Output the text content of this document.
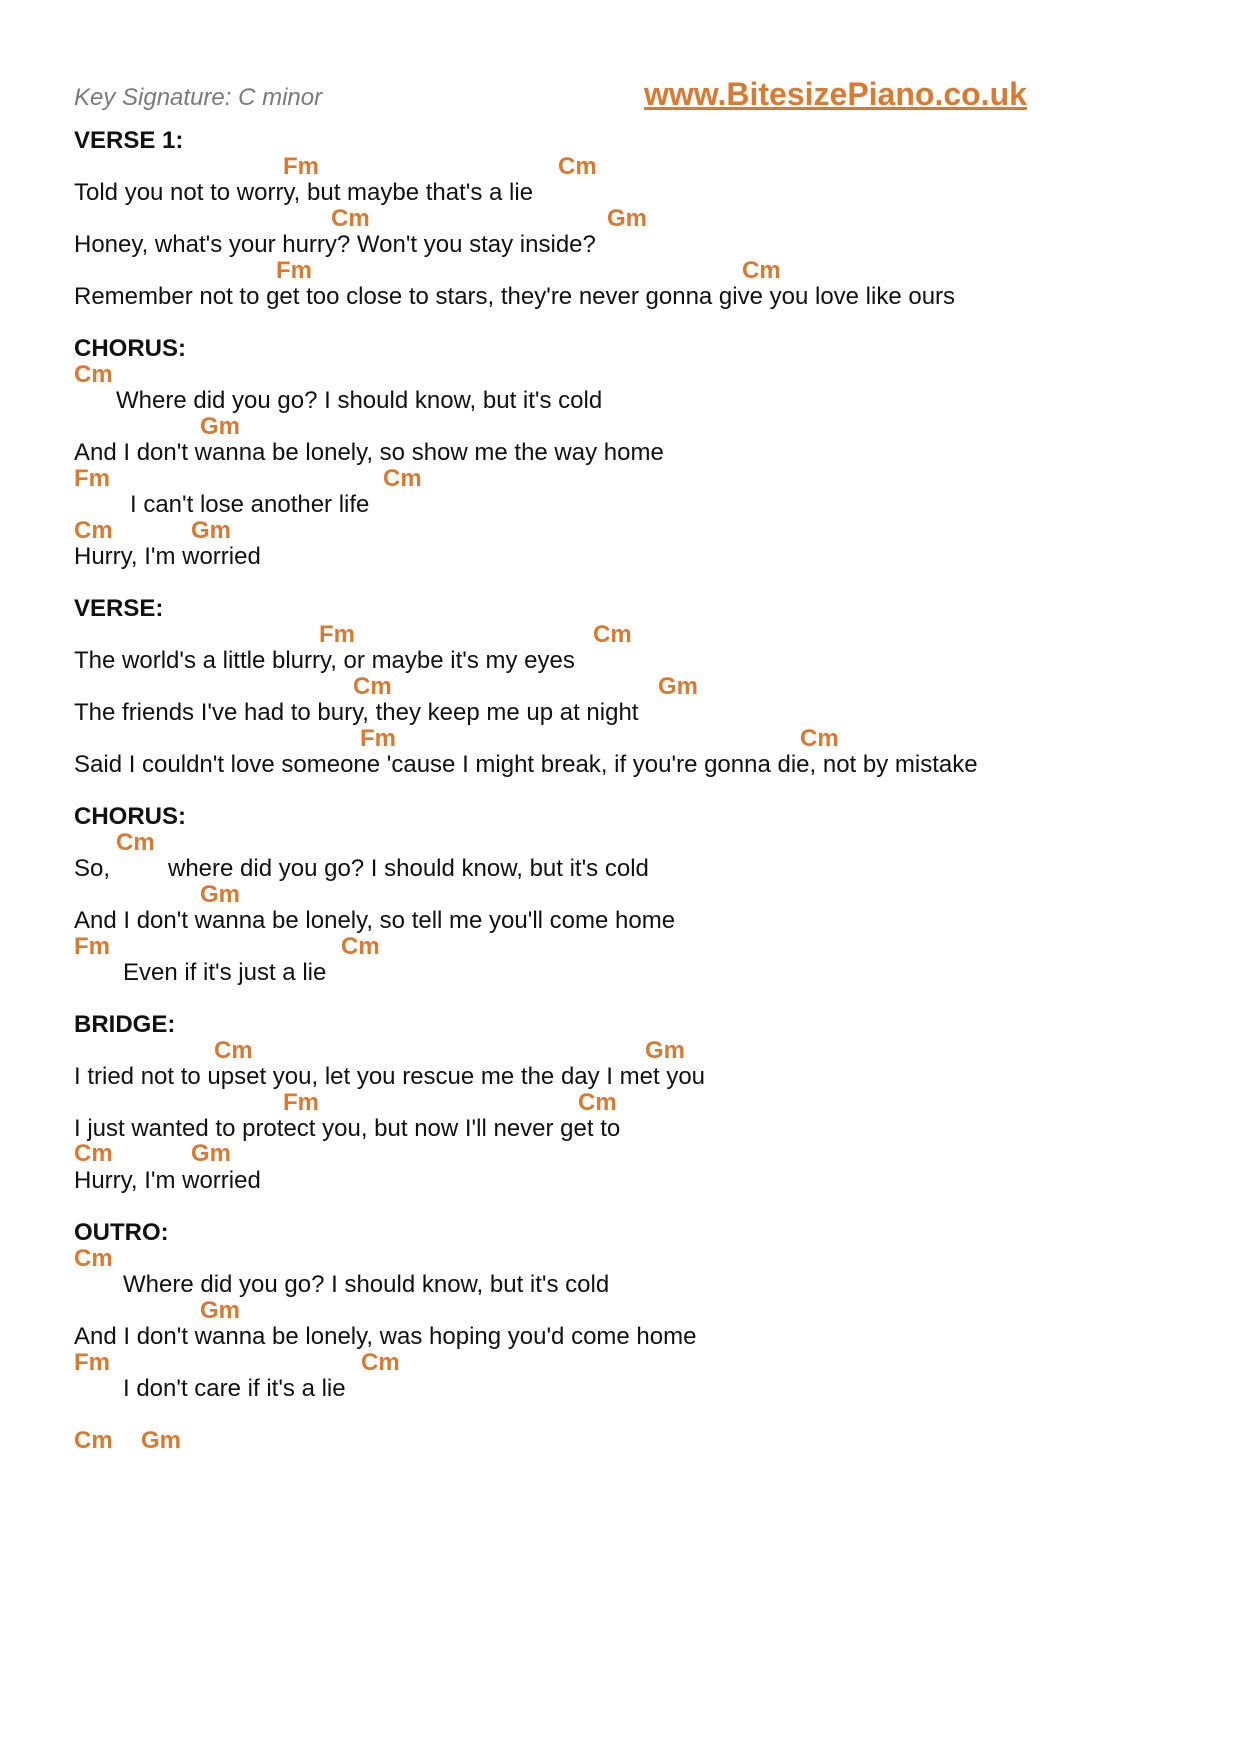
Key Signature: C minor	www.BitesizePiano.co.uk
VERSE 1:
Fm	Cm
Told you not to worry, but maybe that's a lie
Cm	Gm
Honey, what's your hurry? Won't you stay inside?
Fm	Cm
Remember not to get too close to stars, they're never gonna give you love like ours
CHORUS:
Cm
Where did you go? I should know, but it's cold
Gm
And I don't wanna be lonely, so show me the way home
Fm	Cm
I can't lose another life
Cm	Gm
Hurry, I'm worried
VERSE:
Fm	Cm
The world's a little blurry, or maybe it's my eyes
Cm	Gm
The friends I've had to bury, they keep me up at night
Fm	Cm
Said I couldn't love someone 'cause I might break, if you're gonna die, not by mistake
CHORUS:
Cm
So, where did you go? I should know, but it's cold
Gm
And I don't wanna be lonely, so tell me you'll come home
Fm	Cm
Even if it's just a lie
BRIDGE:
Cm	Gm
I tried not to upset you, let you rescue me the day I met you
Fm	Cm
I just wanted to protect you, but now I'll never get to
Cm	Gm
Hurry, I'm worried
OUTRO:
Cm
Where did you go? I should know, but it's cold
Gm
And I don't wanna be lonely, was hoping you'd come home
Fm	Cm
I don't care if it's a lie
Cm Gm
